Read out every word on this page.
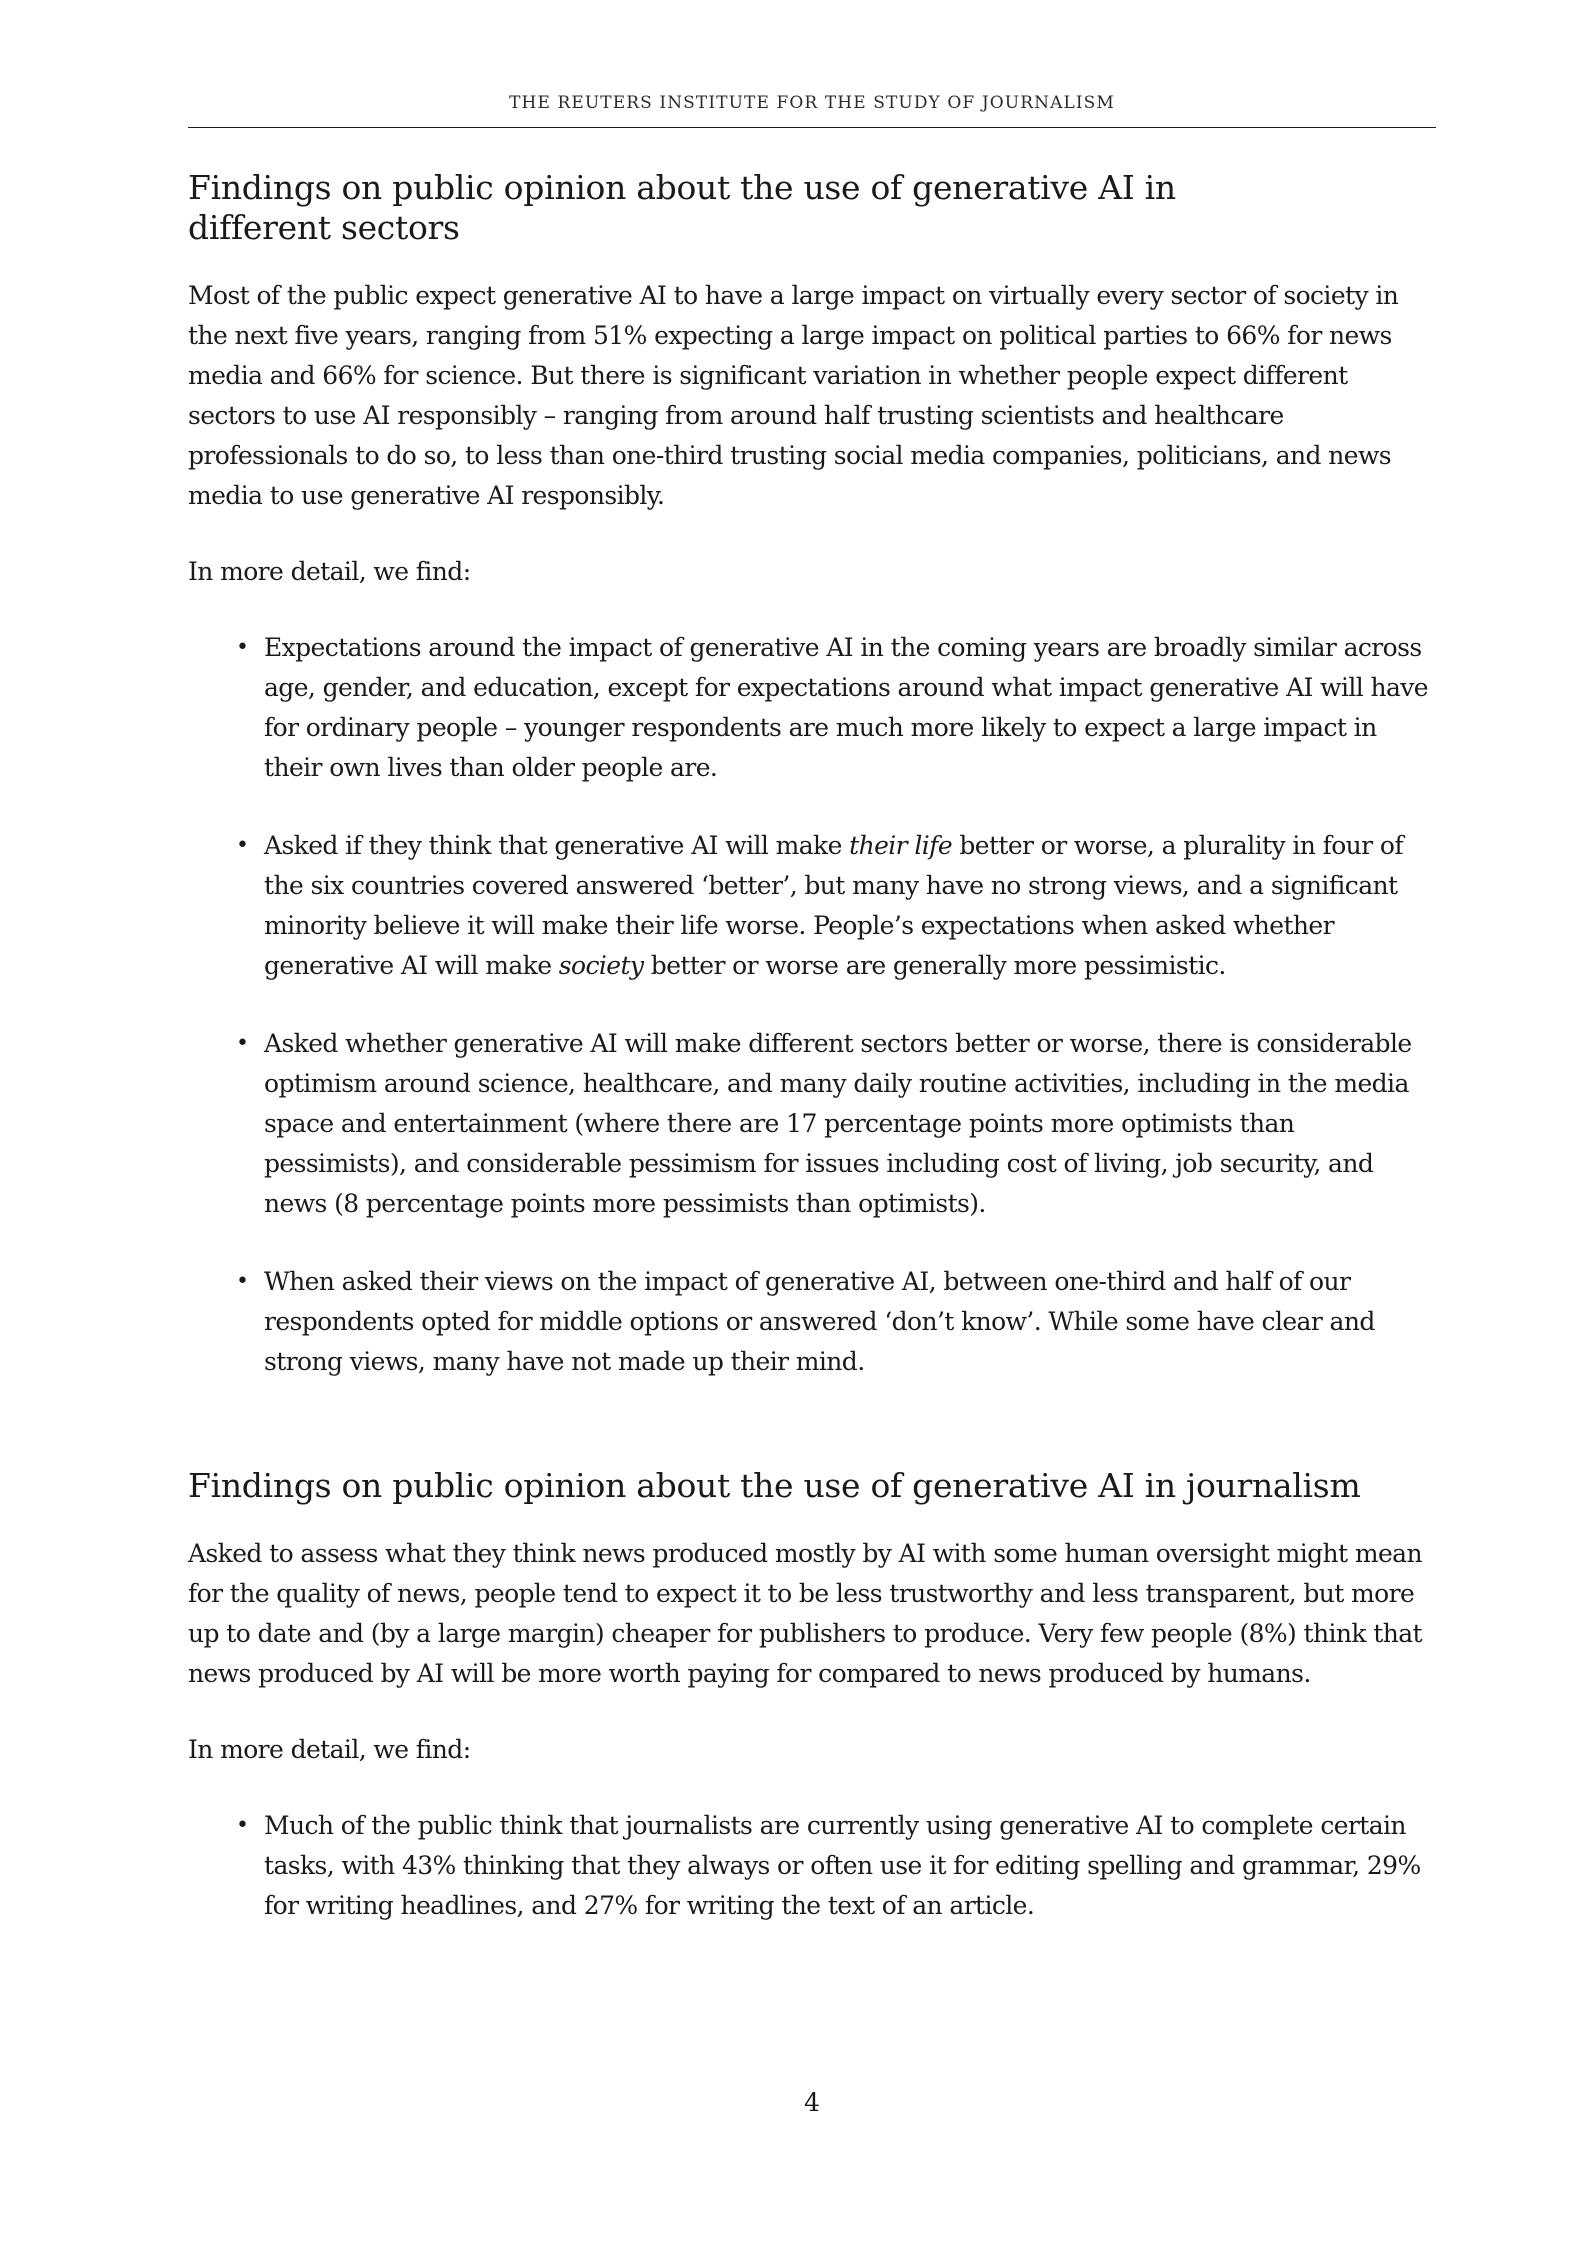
THE REUTERS INSTITUTE FOR THE STUDY OF JOURNALISM
Findings on public opinion about the use of generative AI in
different sectors

Most of the public expect generative AI to have a large impact on virtually every sector of society in the next five years, ranging from 51% expecting a large impact on political parties to 66% for news media and 66% for science. But there is significant variation in whether people expect different sectors to use AI responsibly – ranging from around half trusting scientists and healthcare professionals to do so, to less than one-third trusting social media companies, politicians, and news media to use generative AI responsibly.

In more detail, we find:

• Expectations around the impact of generative AI in the coming years are broadly similar across age, gender, and education, except for expectations around what impact generative AI will have for ordinary people – younger respondents are much more likely to expect a large impact in their own lives than older people are.
• Asked if they think that generative AI will make their life better or worse, a plurality in four of the six countries covered answered ‘better’, but many have no strong views, and a significant minority believe it will make their life worse. People’s expectations when asked whether generative AI will make society better or worse are generally more pessimistic.
• Asked whether generative AI will make different sectors better or worse, there is considerable optimism around science, healthcare, and many daily routine activities, including in the media space and entertainment (where there are 17 percentage points more optimists than pessimists), and considerable pessimism for issues including cost of living, job security, and news (8 percentage points more pessimists than optimists).
• When asked their views on the impact of generative AI, between one-third and half of our respondents opted for middle options or answered ‘don’t know’. While some have clear and strong views, many have not made up their mind.
Findings on public opinion about the use of generative AI in journalism

Asked to assess what they think news produced mostly by AI with some human oversight might mean for the quality of news, people tend to expect it to be less trustworthy and less transparent, but more up to date and (by a large margin) cheaper for publishers to produce. Very few people (8%) think that news produced by AI will be more worth paying for compared to news produced by humans.

In more detail, we find:

• Much of the public think that journalists are currently using generative AI to complete certain tasks, with 43% thinking that they always or often use it for editing spelling and grammar, 29% for writing headlines, and 27% for writing the text of an article.
4
